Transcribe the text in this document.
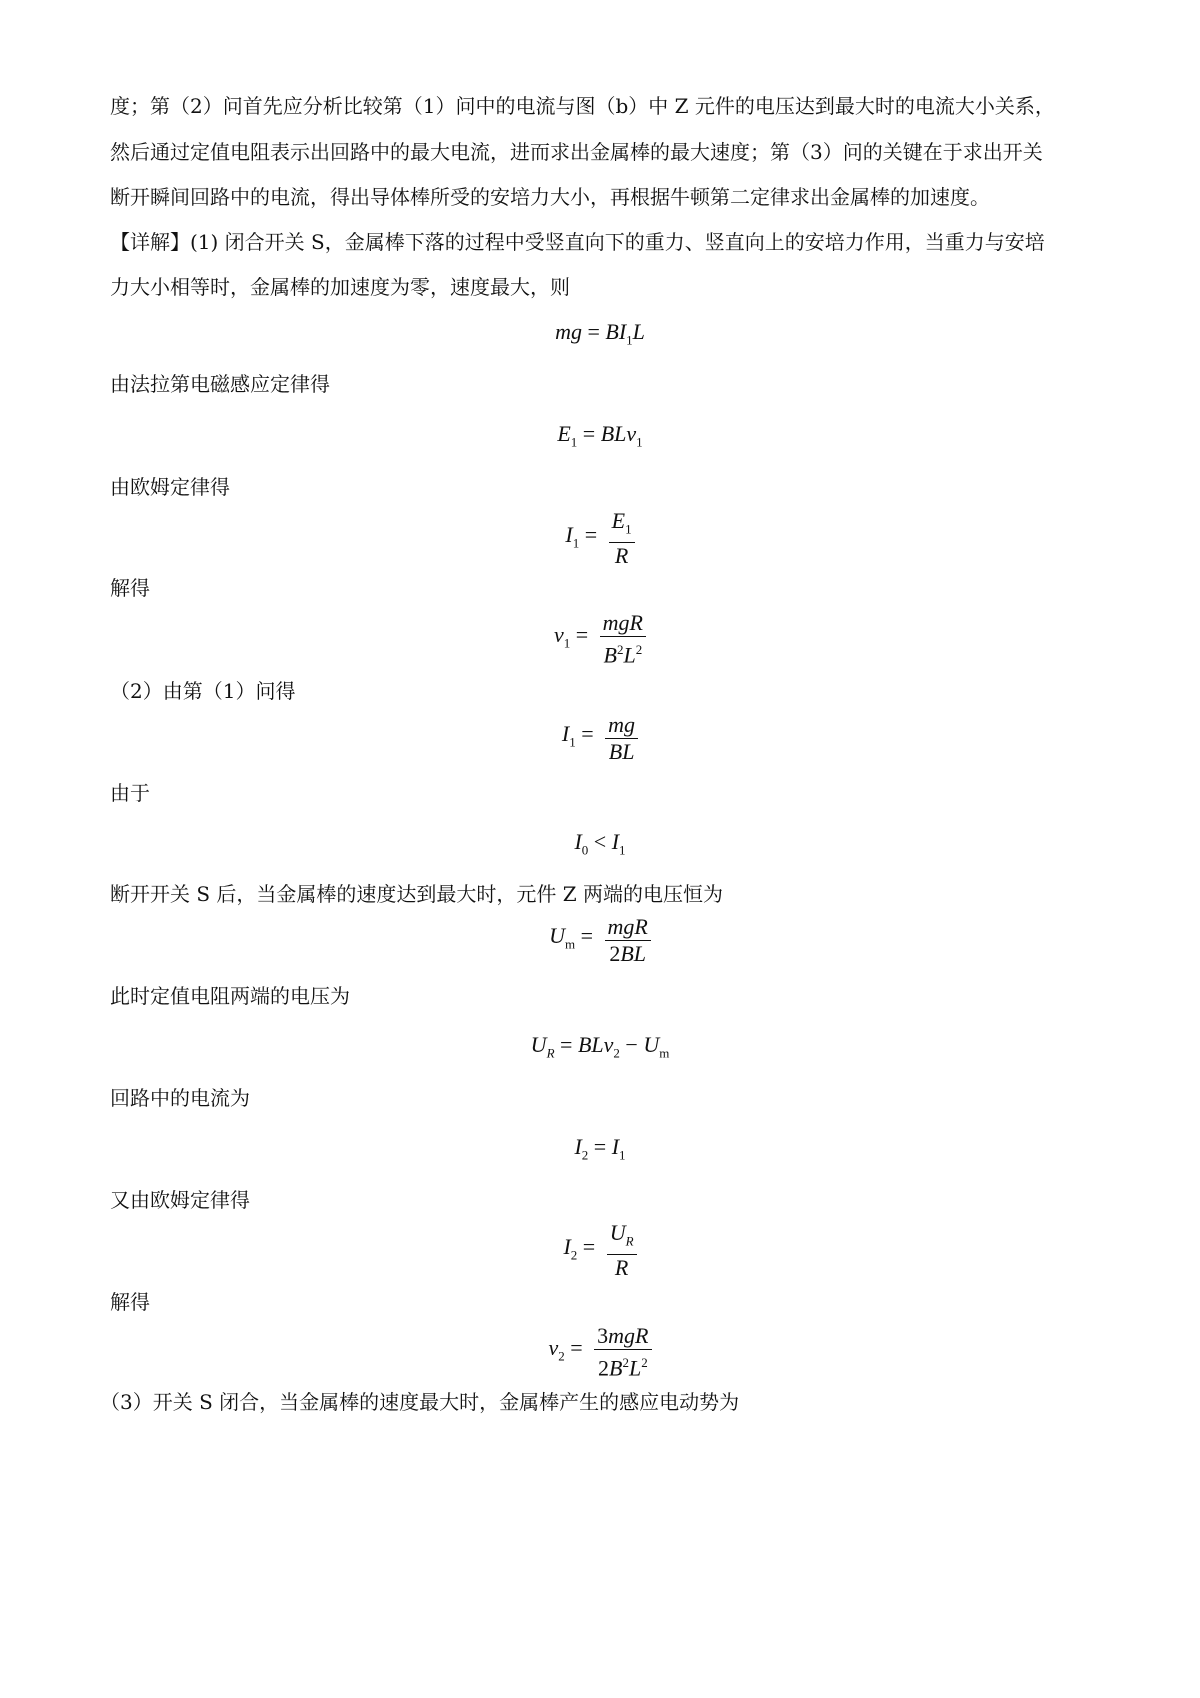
度；第（2）问首先应分析比较第（1）问中的电流与图（b）中 Z 元件的电压达到最大时的电流大小关系，
然后通过定值电阻表示出回路中的最大电流，进而求出金属棒的最大速度；第（3）问的关键在于求出开关
断开瞬间回路中的电流，得出导体棒所受的安培力大小，再根据牛顿第二定律求出金属棒的加速度。
【详解】(1) 闭合开关 S，金属棒下落的过程中受竖直向下的重力、竖直向上的安培力作用，当重力与安培
力大小相等时，金属棒的加速度为零，速度最大，则
mg = $BI_1L$
由法拉第电磁感应定律得
$E_1 = BLv_1$
由欧姆定律得
$I_1 = \frac{E_1}{R}$
解得
$v_1 = \frac{\text{mgR}}{B^2L^2}$
（2）由第（1）问得
$I_1 = \frac{mg}{BL}$
由于
$I_0 < I_1$
断开开关 S 后，当金属棒的速度达到最大时，元件 Z 两端的电压恒为
$U_m = \frac{\text{mgR}}{2BL}$
此时定值电阻两端的电压为
$U_R = BLv_2 - U_m$
回路中的电流为
$I_2 = I_1$
又由欧姆定律得
$I_2 = \frac{U_R}{R}$
解得
$v_2 = \frac{\text{3mgR}}{2B^2L^2}$
（3）开关 S 闭合，当金属棒的速度最大时，金属棒产生的感应电动势为
